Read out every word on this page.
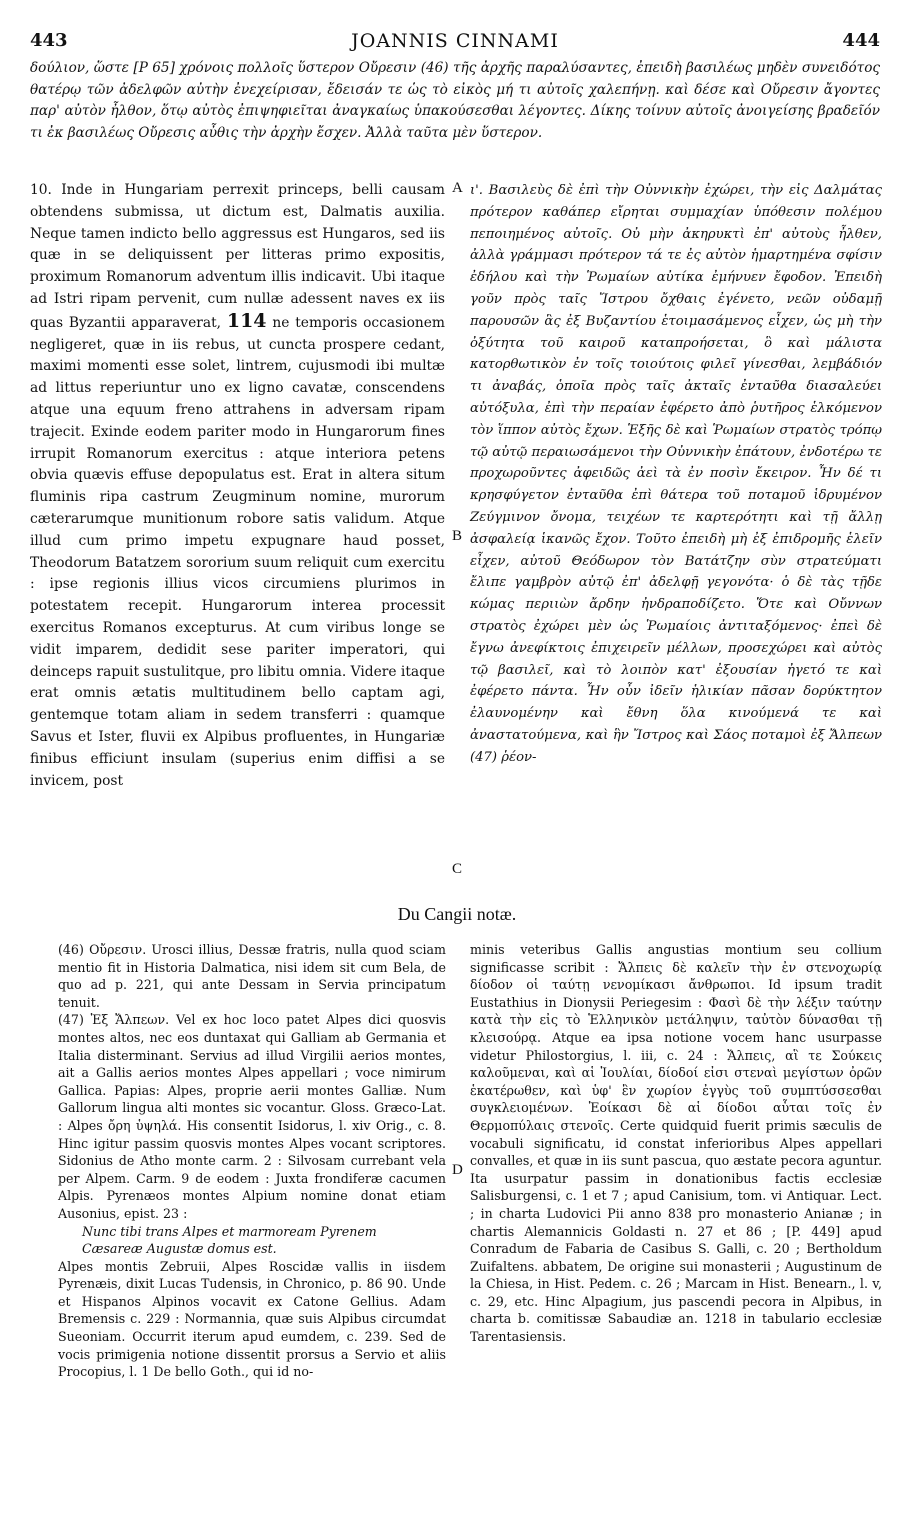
443	JOANNIS CINNAMI	444
δούλιον, ὥστε [P 65] χρόνοις πολλοῖς ὕστερον Οὔρεσιν (46) τῆς ἀρχῆς παραλύσαντες, ἐπειδὴ βασιλέως μηδὲν συνειδότος θατέρῳ τῶν ἀδελφῶν αὐτὴν ἐνεχείρισαν, ἔδεισάν τε ὡς τὸ εἰκὸς μή τι αὐτοῖς χαλεπήνῃ. καὶ δέσε καὶ Οὔρεσιν ἄγοντες παρ' αὐτὸν ἦλθον, ὅτῳ αὐτὸς ἐπιψηφιεῖται ἀναγκαίως ὑπακούσεσθαι λέγοντες. Δίκης τοίνυν αὐτοῖς ἀνοιγείσης βραδεῖόν τι ἐκ βασιλέως Οὔρεσις αὖθις τὴν ἀρχὴν ἔσχεν. Ἀλλὰ ταῦτα μὲν ὕστερον.

10. Inde in Hungariam perrexit princeps, belli causam obtendens submissa, ut dictum est, Dalmatis auxilia. Neque tamen indicto bello aggressus est Hungaros, sed iis quæ in se deliquissent per litteras primo expositis, proximum Romanorum adventum illis indicavit. Ubi itaque ad Istri ripam pervenit, cum nullæ adessent naves ex iis quas Byzantii apparaverat, 114 ne temporis occasionem negligeret, quæ in iis rebus, ut cuncta prospere cedant, maximi momenti esse solet, lintrem, cujusmodi ibi multæ ad littus reperiuntur uno ex ligno cavatæ, conscendens atque una equum freno attrahens in adversam ripam trajecit. Exinde eodem pariter modo in Hungarorum fines irrupit Romanorum exercitus : atque interiora petens obvia quævis effuse depopulatus est. Erat in altera situm fluminis ripa castrum Zeugminum nomine, murorum cæterarumque munitionum robore satis validum. Atque illud cum primo impetu expugnare haud posset, Theodorum Batatzem sororium suum reliquit cum exercitu : ipse regionis illius vicos circumiens plurimos in potestatem recepit. Hungarorum interea processit exercitus Romanos excepturus. At cum viribus longe se vidit imparem, dedidit sese pariter imperatori, qui deinceps rapuit sustulitque, pro libitu omnia. Videre itaque erat omnis ætatis multitudinem bello captam agi, gentemque totam aliam in sedem transferri : quamque Savus et Ister, fluvii ex Alpibus profluentes, in Hungariæ finibus efficiunt insulam (superius enim diffisi a se invicem, post

A
B
C
D

ι'. Βασιλεὺς δὲ ἐπὶ τὴν Οὐννικὴν ἐχώρει, τὴν εἰς Δαλμάτας πρότερον καθάπερ εἴρηται συμμαχίαν ὑπόθεσιν πολέμου πεποιημένος αὐτοῖς. Οὐ μὴν ἀκηρυκτὶ ἐπ' αὐτοὺς ἦλθεν, ἀλλὰ γράμμασι πρότερον τά τε ἐς αὐτὸν ἡμαρτημένα σφίσιν ἐδήλου καὶ τὴν Ῥωμαίων αὐτίκα ἐμήνυεν ἔφοδον. Ἐπειδὴ γοῦν πρὸς ταῖς Ἴστρου ὄχθαις ἐγένετο, νεῶν οὐδαμῇ παρουσῶν ἃς ἐξ Βυζαντίου ἑτοιμασάμενος εἶχεν, ὡς μὴ τὴν ὀξύτητα τοῦ καιροῦ καταπροήσεται, ὃ καὶ μάλιστα κατορθωτικὸν ἐν τοῖς τοιούτοις φιλεῖ γίνεσθαι, λεμβάδιόν τι ἀναβάς, ὁποῖα πρὸς ταῖς ἀκταῖς ἐνταῦθα διασαλεύει αὐτόξυλα, ἐπὶ τὴν περαίαν ἐφέρετο ἀπὸ ῥυτῆρος ἑλκόμενον τὸν ἵππον αὐτὸς ἔχων. Ἑξῆς δὲ καὶ Ῥωμαίων στρατὸς τρόπῳ τῷ αὐτῷ περαιωσάμενοι τὴν Οὐννικὴν ἐπάτουν, ἐνδοτέρω τε προχωροῦντες ἀφειδῶς ἀεὶ τὰ ἐν ποσὶν ἔκειρον. Ἦν δέ τι κρησφύγετον ἐνταῦθα ἐπὶ θάτερα τοῦ ποταμοῦ ἱδρυμένον Ζεύγμινον ὄνομα, τειχέων τε καρτερότητι καὶ τῇ ἄλλῃ ἀσφαλείᾳ ἱκανῶς ἔχον. Τοῦτο ἐπειδὴ μὴ ἐξ ἐπιδρομῆς ἑλεῖν εἶχεν, αὐτοῦ Θεόδωρον τὸν Βατάτζην σὺν στρατεύματι ἔλιπε γαμβρὸν αὐτῷ ἐπ' ἀδελφῇ γεγονότα· ὁ δὲ τὰς τῇδε κώμας περιιὼν ἄρδην ἠνδραποδίζετο. Ὅτε καὶ Οὔννων στρατὸς ἐχώρει μὲν ὡς Ῥωμαίοις ἀντιταξόμενος· ἐπεὶ δὲ ἔγνω ἀνεφίκτοις ἐπιχειρεῖν μέλλων, προσεχώρει καὶ αὐτὸς τῷ βασιλεῖ, καὶ τὸ λοιπὸν κατ' ἐξουσίαν ἠγετό τε καὶ ἐφέρετο πάντα. Ἦν οὖν ἰδεῖν ἡλικίαν πᾶσαν δορύκτητον ἐλαυνομένην καὶ ἔθνη ὅλα κινούμενά τε καὶ ἀναστατούμενα, καὶ ἣν Ἴστρος καὶ Σάος ποταμοὶ ἐξ Ἄλπεων (47) ῥέον-

Du Cangii notæ.

(46) Οὔρεσιν. Urosci illius, Dessæ fratris, nulla quod sciam mentio fit in Historia Dalmatica, nisi idem sit cum Bela, de quo ad p. 221, qui ante Dessam in Servia principatum tenuit.

(47) Ἐξ Ἄλπεων. Vel ex hoc loco patet Alpes dici quosvis montes altos, nec eos duntaxat qui Galliam ab Germania et Italia disterminant. Servius ad illud Virgilii aerios montes, ait a Gallis aerios montes Alpes appellari ; voce nimirum Gallica. Papias: Alpes, proprie aerii montes Galliæ. Num Gallorum lingua alti montes sic vocantur. Gloss. Græco-Lat. : Alpes ὄρη ὑψηλά. His consentit Isidorus, l. xiv Orig., c. 8. Hinc igitur passim quosvis montes Alpes vocant scriptores. Sidonius de Atho monte carm. 2 : Silvosam currebant vela per Alpem. Carm. 9 de eodem : Juxta frondiferæ cacumen Alpis. Pyrenæos montes Alpium nomine donat etiam Ausonius, epist. 23 :

Nunc tibi trans Alpes et marmoream Pyrenem

Cæsareæ Augustæ domus est.

Alpes montis Zebruii, Alpes Roscidæ vallis in iisdem Pyrenæis, dixit Lucas Tudensis, in Chronico, p. 86 90. Unde et Hispanos Alpinos vocavit ex Catone Gellius. Adam Bremensis c. 229 : Normannia, quæ suis Alpibus circumdat Sueoniam. Occurrit iterum apud eumdem, c. 239. Sed de vocis primigenia notione dissentit prorsus a Servio et aliis Procopius, l. 1 De bello Goth., qui id no-

minis veteribus Gallis angustias montium seu collium significasse scribit : Ἄλπεις δὲ καλεῖν τὴν ἐν στενοχωρίᾳ δίοδον οἱ ταύτῃ νενομίκασι ἄνθρωποι. Id ipsum tradit Eustathius in Dionysii Periegesim : Φασὶ δὲ τὴν λέξιν ταύτην κατὰ τὴν εἰς τὸ Ἑλληνικὸν μετάληψιν, ταὐτὸν δύνασθαι τῇ κλεισούρᾳ. Atque ea ipsa notione vocem hanc usurpasse videtur Philostorgius, l. iii, c. 24 : Ἄλπεις, αἳ τε Σούκεις καλοῦμεναι, καὶ αἱ Ἰουλίαι, δίοδοί εἰσι στεναὶ μεγίστων ὀρῶν ἑκατέρωθεν, καὶ ὑφ' ἓν χωρίον ἐγγὺς τοῦ συμπτύσσεσθαι συγκλειομένων. Ἐοίκασι δὲ αἱ δίοδοι αὗται τοῖς ἐν Θερμοπύλαις στενοῖς. Certe quidquid fuerit primis sæculis de vocabuli significatu, id constat inferioribus Alpes appellari convalles, et quæ in iis sunt pascua, quo æstate pecora aguntur. Ita usurpatur passim in donationibus factis ecclesiæ Salisburgensi, c. 1 et 7 ; apud Canisium, tom. vi Antiquar. Lect. ; in charta Ludovici Pii anno 838 pro monasterio Anianæ ; in chartis Alemannicis Goldasti n. 27 et 86 ; [P. 449] apud Conradum de Fabaria de Casibus S. Galli, c. 20 ; Bertholdum Zuifaltens. abbatem, De origine sui monasterii ; Augustinum de la Chiesa, in Hist. Pedem. c. 26 ; Marcam in Hist. Benearn., l. v, c. 29, etc. Hinc Alpagium, jus pascendi pecora in Alpibus, in charta b. comitissæ Sabaudiæ an. 1218 in tabulario ecclesiæ Tarentasiensis.
